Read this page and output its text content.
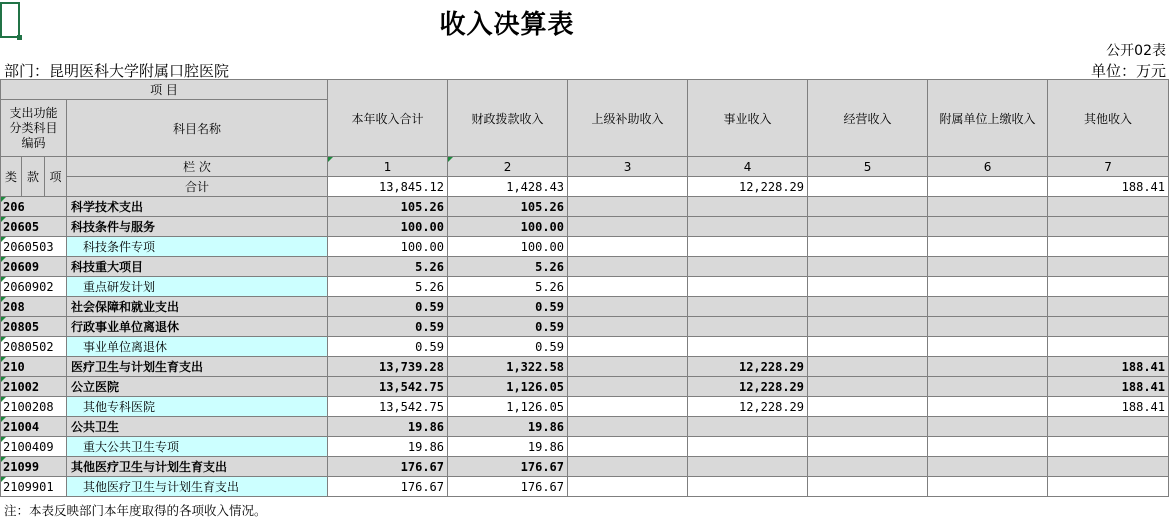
收入决算表
公开02表
部门：昆明医科大学附属口腔医院	单位：万元
项 目				本年收入合计	财政拨款收入	上级补助收入	事业收入	经营收入	附属单位上缴收入	其他收入
支出功能分类科目编码			科目名称							

类	款	项	栏 次	1	2	3	4	5	6	7
			合计	13,845.12	1,428.43		12,228.29			188.41
206			科学技术支出	105.26	105.26					
20605			科技条件与服务	100.00	100.00					
2060503			科技条件专项	100.00	100.00					
20609			科技重大项目	5.26	5.26					
2060902			重点研发计划	5.26	5.26					
208			社会保障和就业支出	0.59	0.59					
20805			行政事业单位离退休	0.59	0.59					
2080502			事业单位离退休	0.59	0.59					
210			医疗卫生与计划生育支出	13,739.28	1,322.58		12,228.29			188.41
21002			公立医院	13,542.75	1,126.05		12,228.29			188.41
2100208			其他专科医院	13,542.75	1,126.05		12,228.29			188.41
21004			公共卫生	19.86	19.86					
2100409			重大公共卫生专项	19.86	19.86					
21099			其他医疗卫生与计划生育支出	176.67	176.67					
2109901			其他医疗卫生与计划生育支出	176.67	176.67					
注：本表反映部门本年度取得的各项收入情况。
